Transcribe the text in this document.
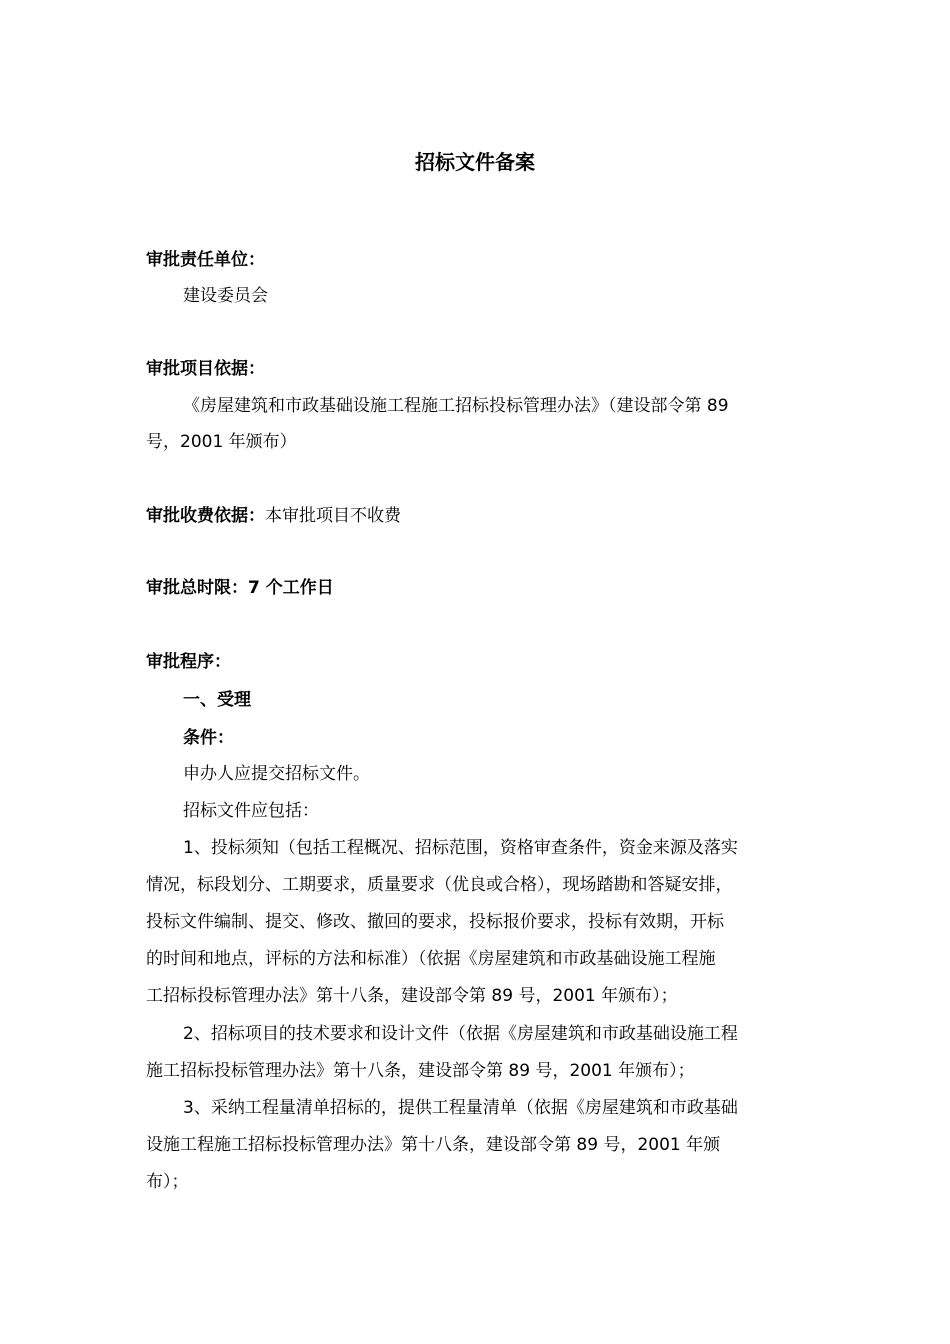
招标文件备案
审批责任单位：
建设委员会
审批项目依据：
《房屋建筑和市政基础设施工程施工招标投标管理办法》（建设部令第 89
号，2001 年颁布）
审批收费依据：本审批项目不收费
审批总时限：7 个工作日
审批程序：
一、受理
条件：
申办人应提交招标文件。
招标文件应包括：
1、投标须知（包括工程概况、招标范围，资格审查条件，资金来源及落实
情况，标段划分、工期要求，质量要求（优良或合格），现场踏勘和答疑安排，
投标文件编制、提交、修改、撤回的要求，投标报价要求，投标有效期，开标
的时间和地点，评标的方法和标准）（依据《房屋建筑和市政基础设施工程施
工招标投标管理办法》第十八条，建设部令第 89 号，2001 年颁布）；
2、招标项目的技术要求和设计文件（依据《房屋建筑和市政基础设施工程
施工招标投标管理办法》第十八条，建设部令第 89 号，2001 年颁布）；
3、采纳工程量清单招标的，提供工程量清单（依据《房屋建筑和市政基础
设施工程施工招标投标管理办法》第十八条，建设部令第 89 号，2001 年颁
布）；
